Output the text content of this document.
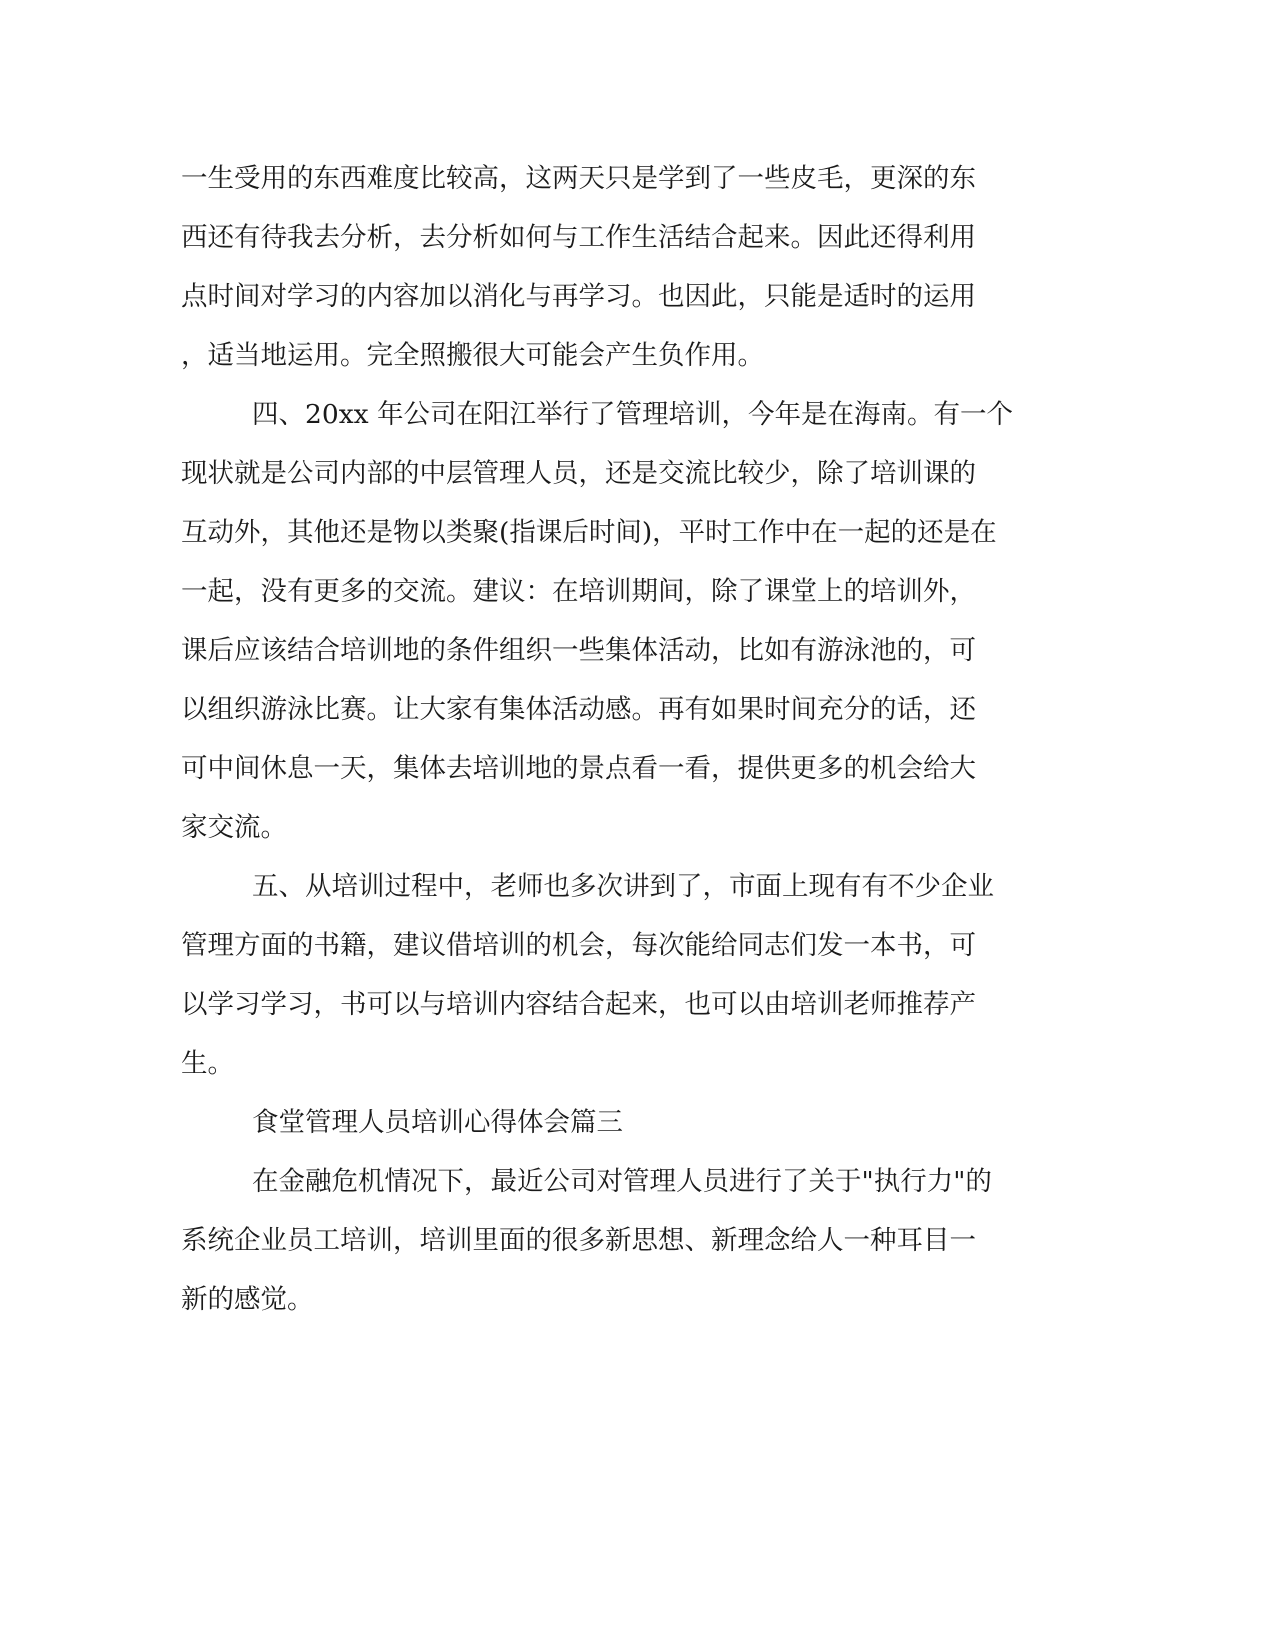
一生受用的东西难度比较高，这两天只是学到了一些皮毛，更深的东
西还有待我去分析，去分析如何与工作生活结合起来。因此还得利用
点时间对学习的内容加以消化与再学习。也因此，只能是适时的运用
，适当地运用。完全照搬很大可能会产生负作用。
四、20xx 年公司在阳江举行了管理培训，今年是在海南。有一个
现状就是公司内部的中层管理人员，还是交流比较少，除了培训课的
互动外，其他还是物以类聚(指课后时间)，平时工作中在一起的还是在
一起，没有更多的交流。建议：在培训期间，除了课堂上的培训外，
课后应该结合培训地的条件组织一些集体活动，比如有游泳池的，可
以组织游泳比赛。让大家有集体活动感。再有如果时间充分的话，还
可中间休息一天，集体去培训地的景点看一看，提供更多的机会给大
家交流。
五、从培训过程中，老师也多次讲到了，市面上现有有不少企业
管理方面的书籍，建议借培训的机会，每次能给同志们发一本书，可
以学习学习，书可以与培训内容结合起来，也可以由培训老师推荐产
生。
食堂管理人员培训心得体会篇三
在金融危机情况下，最近公司对管理人员进行了关于"执行力"的
系统企业员工培训，培训里面的很多新思想、新理念给人一种耳目一
新的感觉。
